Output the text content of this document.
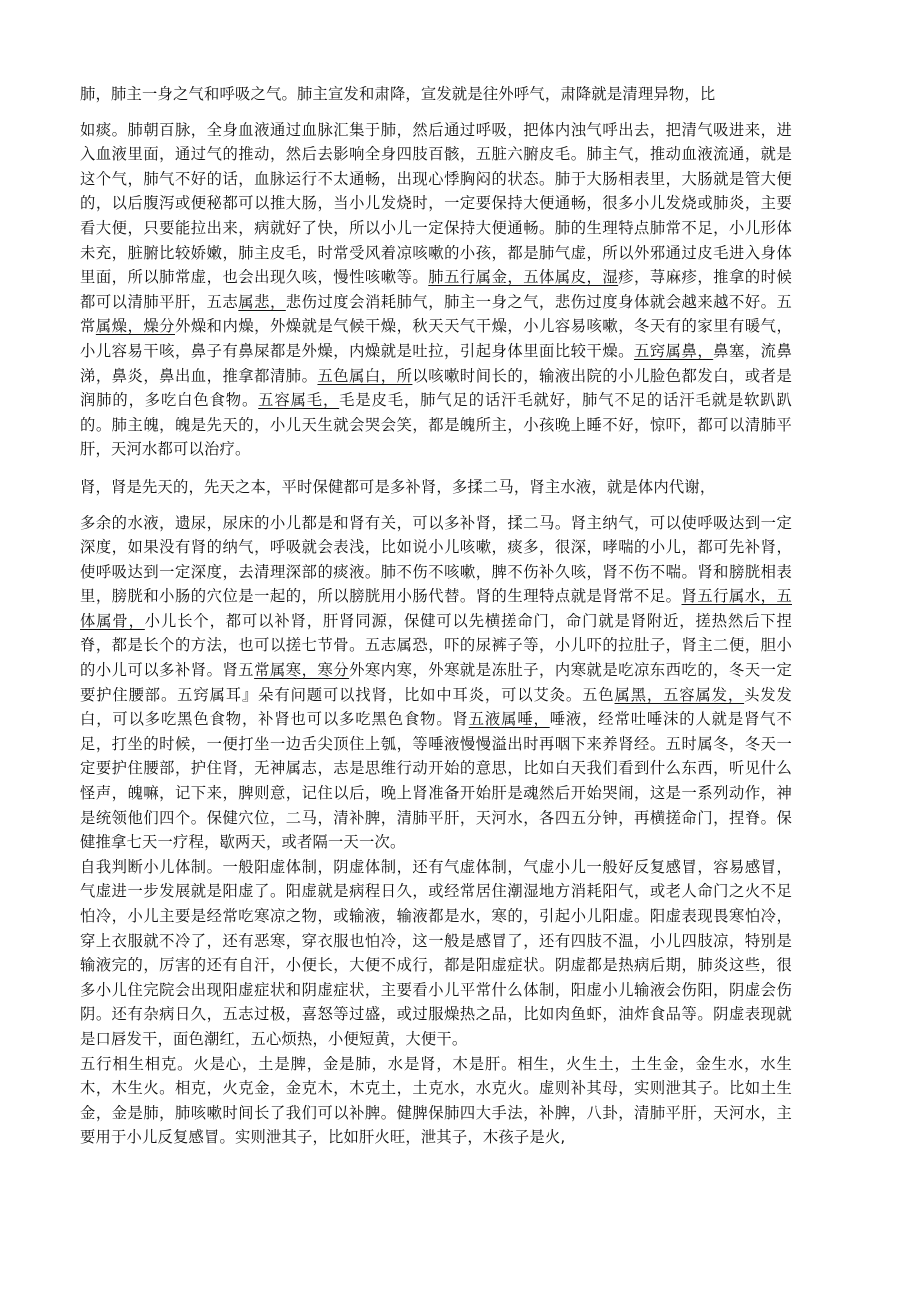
肺，肺主一身之气和呼吸之气。肺主宣发和肃降，宣发就是往外呼气，肃降就是清理异物，比

如痰。肺朝百脉，全身血液通过血脉汇集于肺，然后通过呼吸，把体内浊气呼出去，把清气吸进来，进入血液里面，通过气的推动，然后去影响全身四肢百骸，五脏六腑皮毛。肺主气，推动血液流通，就是这个气，肺气不好的话，血脉运行不太通畅，出现心悸胸闷的状态。肺于大肠相表里，大肠就是管大便的，以后腹泻或便秘都可以推大肠，当小儿发烧时，一定要保持大便通畅，很多小儿发烧或肺炎，主要看大便，只要能拉出来，病就好了快，所以小儿一定保持大便通畅。肺的生理特点肺常不足，小儿形体未充，脏腑比较娇嫩，肺主皮毛，时常受风着凉咳嗽的小孩，都是肺气虚，所以外邪通过皮毛进入身体里面，所以肺常虚，也会出现久咳，慢性咳嗽等。肺五行属金，五体属皮，湿疹，荨麻疹，推拿的时候都可以清肺平肝，五志属悲，悲伤过度会消耗肺气，肺主一身之气，悲伤过度身体就会越来越不好。五常属燥，燥分外燥和内燥，外燥就是气候干燥，秋天天气干燥，小儿容易咳嗽，冬天有的家里有暖气，小儿容易干咳，鼻子有鼻屎都是外燥，内燥就是吐拉，引起身体里面比较干燥。五窍属鼻，鼻塞，流鼻涕，鼻炎，鼻出血，推拿都清肺。五色属白，所以咳嗽时间长的，输液出院的小儿脸色都发白，或者是润肺的，多吃白色食物。五容属毛，毛是皮毛，肺气足的话汗毛就好，肺气不足的话汗毛就是软趴趴的。肺主魄，魄是先天的，小儿天生就会哭会笑，都是魄所主，小孩晚上睡不好，惊吓，都可以清肺平肝，天河水都可以治疗。

肾，肾是先天的，先天之本，平时保健都可是多补肾，多揉二马，肾主水液，就是体内代谢，

多余的水液，遗尿，尿床的小儿都是和肾有关，可以多补肾，揉二马。肾主纳气，可以使呼吸达到一定深度，如果没有肾的纳气，呼吸就会表浅，比如说小儿咳嗽，痰多，很深，哮喘的小儿，都可先补肾，使呼吸达到一定深度，去清理深部的痰液。肺不伤不咳嗽，脾不伤补久咳，肾不伤不喘。肾和膀胱相表里，膀胱和小肠的穴位是一起的，所以膀胱用小肠代替。肾的生理特点就是肾常不足。肾五行属水，五体属骨，小儿长个，都可以补肾，肝肾同源，保健可以先横搓命门，命门就是肾附近，搓热然后下捏脊，都是长个的方法，也可以搓七节骨。五志属恐，吓的尿裤子等，小儿吓的拉肚子，肾主二便，胆小的小儿可以多补肾。肾五常属寒，寒分外寒内寒，外寒就是冻肚子，内寒就是吃凉东西吃的，冬天一定要护住腰部。五窍属耳』朵有问题可以找肾，比如中耳炎，可以艾灸。五色属黑，五容属发，头发发白，可以多吃黑色食物，补肾也可以多吃黑色食物。肾五液属唾，唾液，经常吐唾沫的人就是肾气不足，打坐的时候，一便打坐一边舌尖顶住上瓠，等唾液慢慢溢出时再咽下来养肾经。五时属冬，冬天一定要护住腰部，护住肾，无神属志，志是思维行动开始的意思，比如白天我们看到什么东西，听见什么怪声，魄嘛，记下来，脾则意，记住以后，晚上肾准备开始肝是魂然后开始哭闹，这是一系列动作，神是统领他们四个。保健穴位，二马，清补脾，清肺平肝，天河水，各四五分钟，再横搓命门，捏脊。保健推拿七天一疗程，歇两天，或者隔一天一次。

自我判断小儿体制。一般阳虚体制，阴虚体制，还有气虚体制，气虚小儿一般好反复感冒，容易感冒，气虚进一步发展就是阳虚了。阳虚就是病程日久，或经常居住潮湿地方消耗阳气，或老人命门之火不足怕冷，小儿主要是经常吃寒凉之物，或输液，输液都是水，寒的，引起小儿阳虚。阳虚表现畏寒怕冷，穿上衣服就不冷了，还有恶寒，穿衣服也怕冷，这一般是感冒了，还有四肢不温，小儿四肢凉，特别是输液完的，厉害的还有自汗，小便长，大便不成行，都是阳虚症状。阴虚都是热病后期，肺炎这些，很多小儿住完院会出现阳虚症状和阴虚症状，主要看小儿平常什么体制，阳虚小儿输液会伤阳，阴虚会伤阴。还有杂病日久，五志过极，喜怒等过盛，或过服燥热之品，比如肉鱼虾，油炸食品等。阴虚表现就是口唇发干，面色潮红，五心烦热，小便短黄，大便干。

五行相生相克。火是心，土是脾，金是肺，水是肾，木是肝。相生，火生土，土生金，金生水，水生木，木生火。相克，火克金，金克木，木克土，土克水，水克火。虚则补其母，实则泄其子。比如土生金，金是肺，肺咳嗽时间长了我们可以补脾。健脾保肺四大手法，补脾，八卦，清肺平肝，天河水，主要用于小儿反复感冒。实则泄其子，比如肝火旺，泄其子，木孩子是火,
